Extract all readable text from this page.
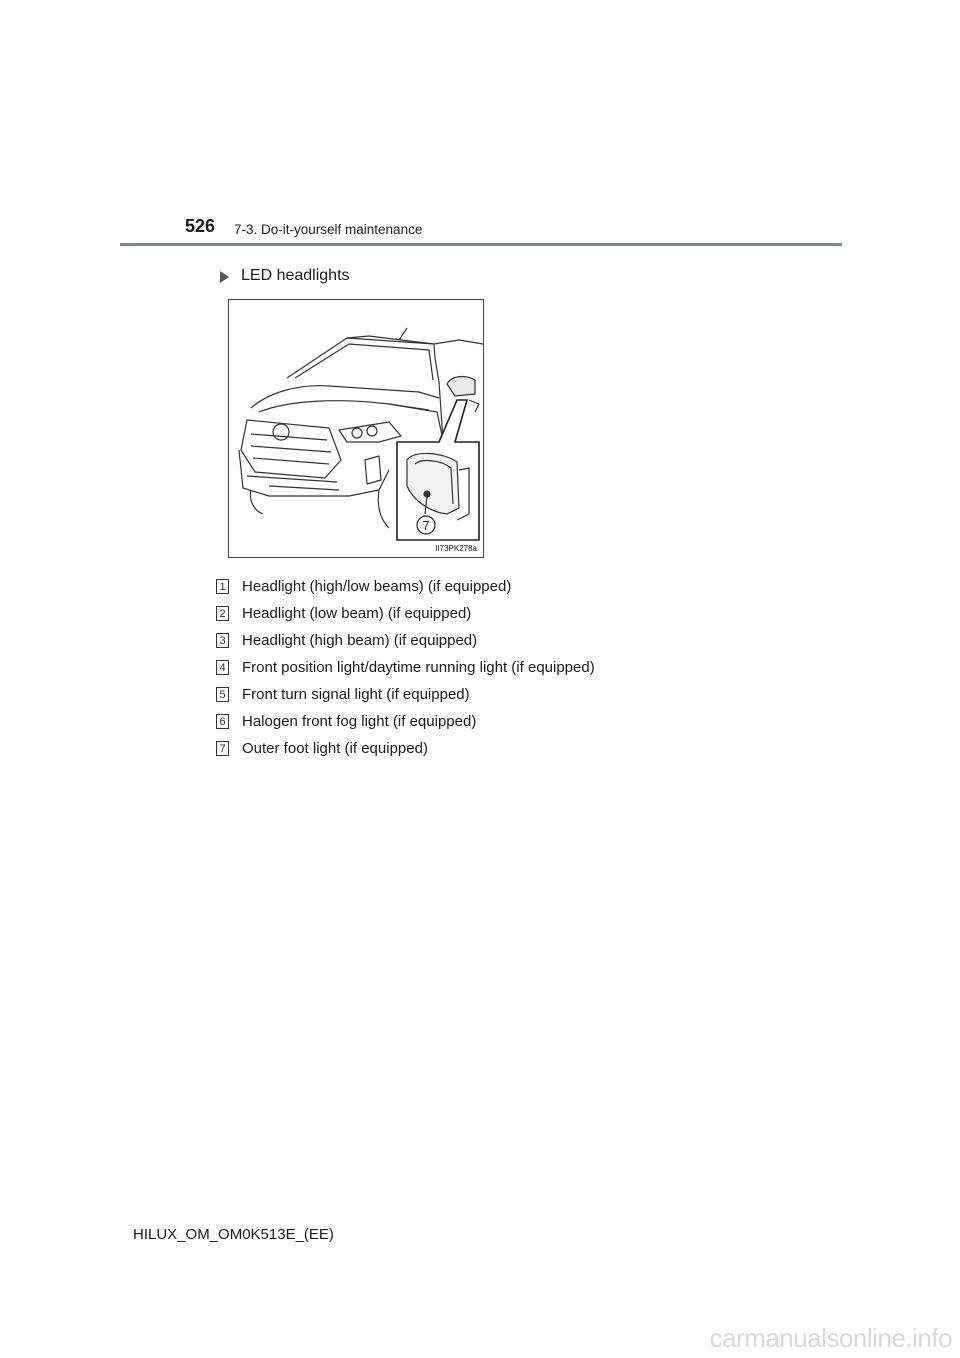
526 7-3. Do-it-yourself maintenance
LED headlights
7
II73PK278a
1 Headlight (high/low beams) (if equipped)
2 Headlight (low beam) (if equipped)
3 Headlight (high beam) (if equipped)
4 Front position light/daytime running light (if equipped)
5 Front turn signal light (if equipped)
6 Halogen front fog light (if equipped)
7 Outer foot light (if equipped)
HILUX_OM_OM0K513E_(EE)
carmanualsonline.info
